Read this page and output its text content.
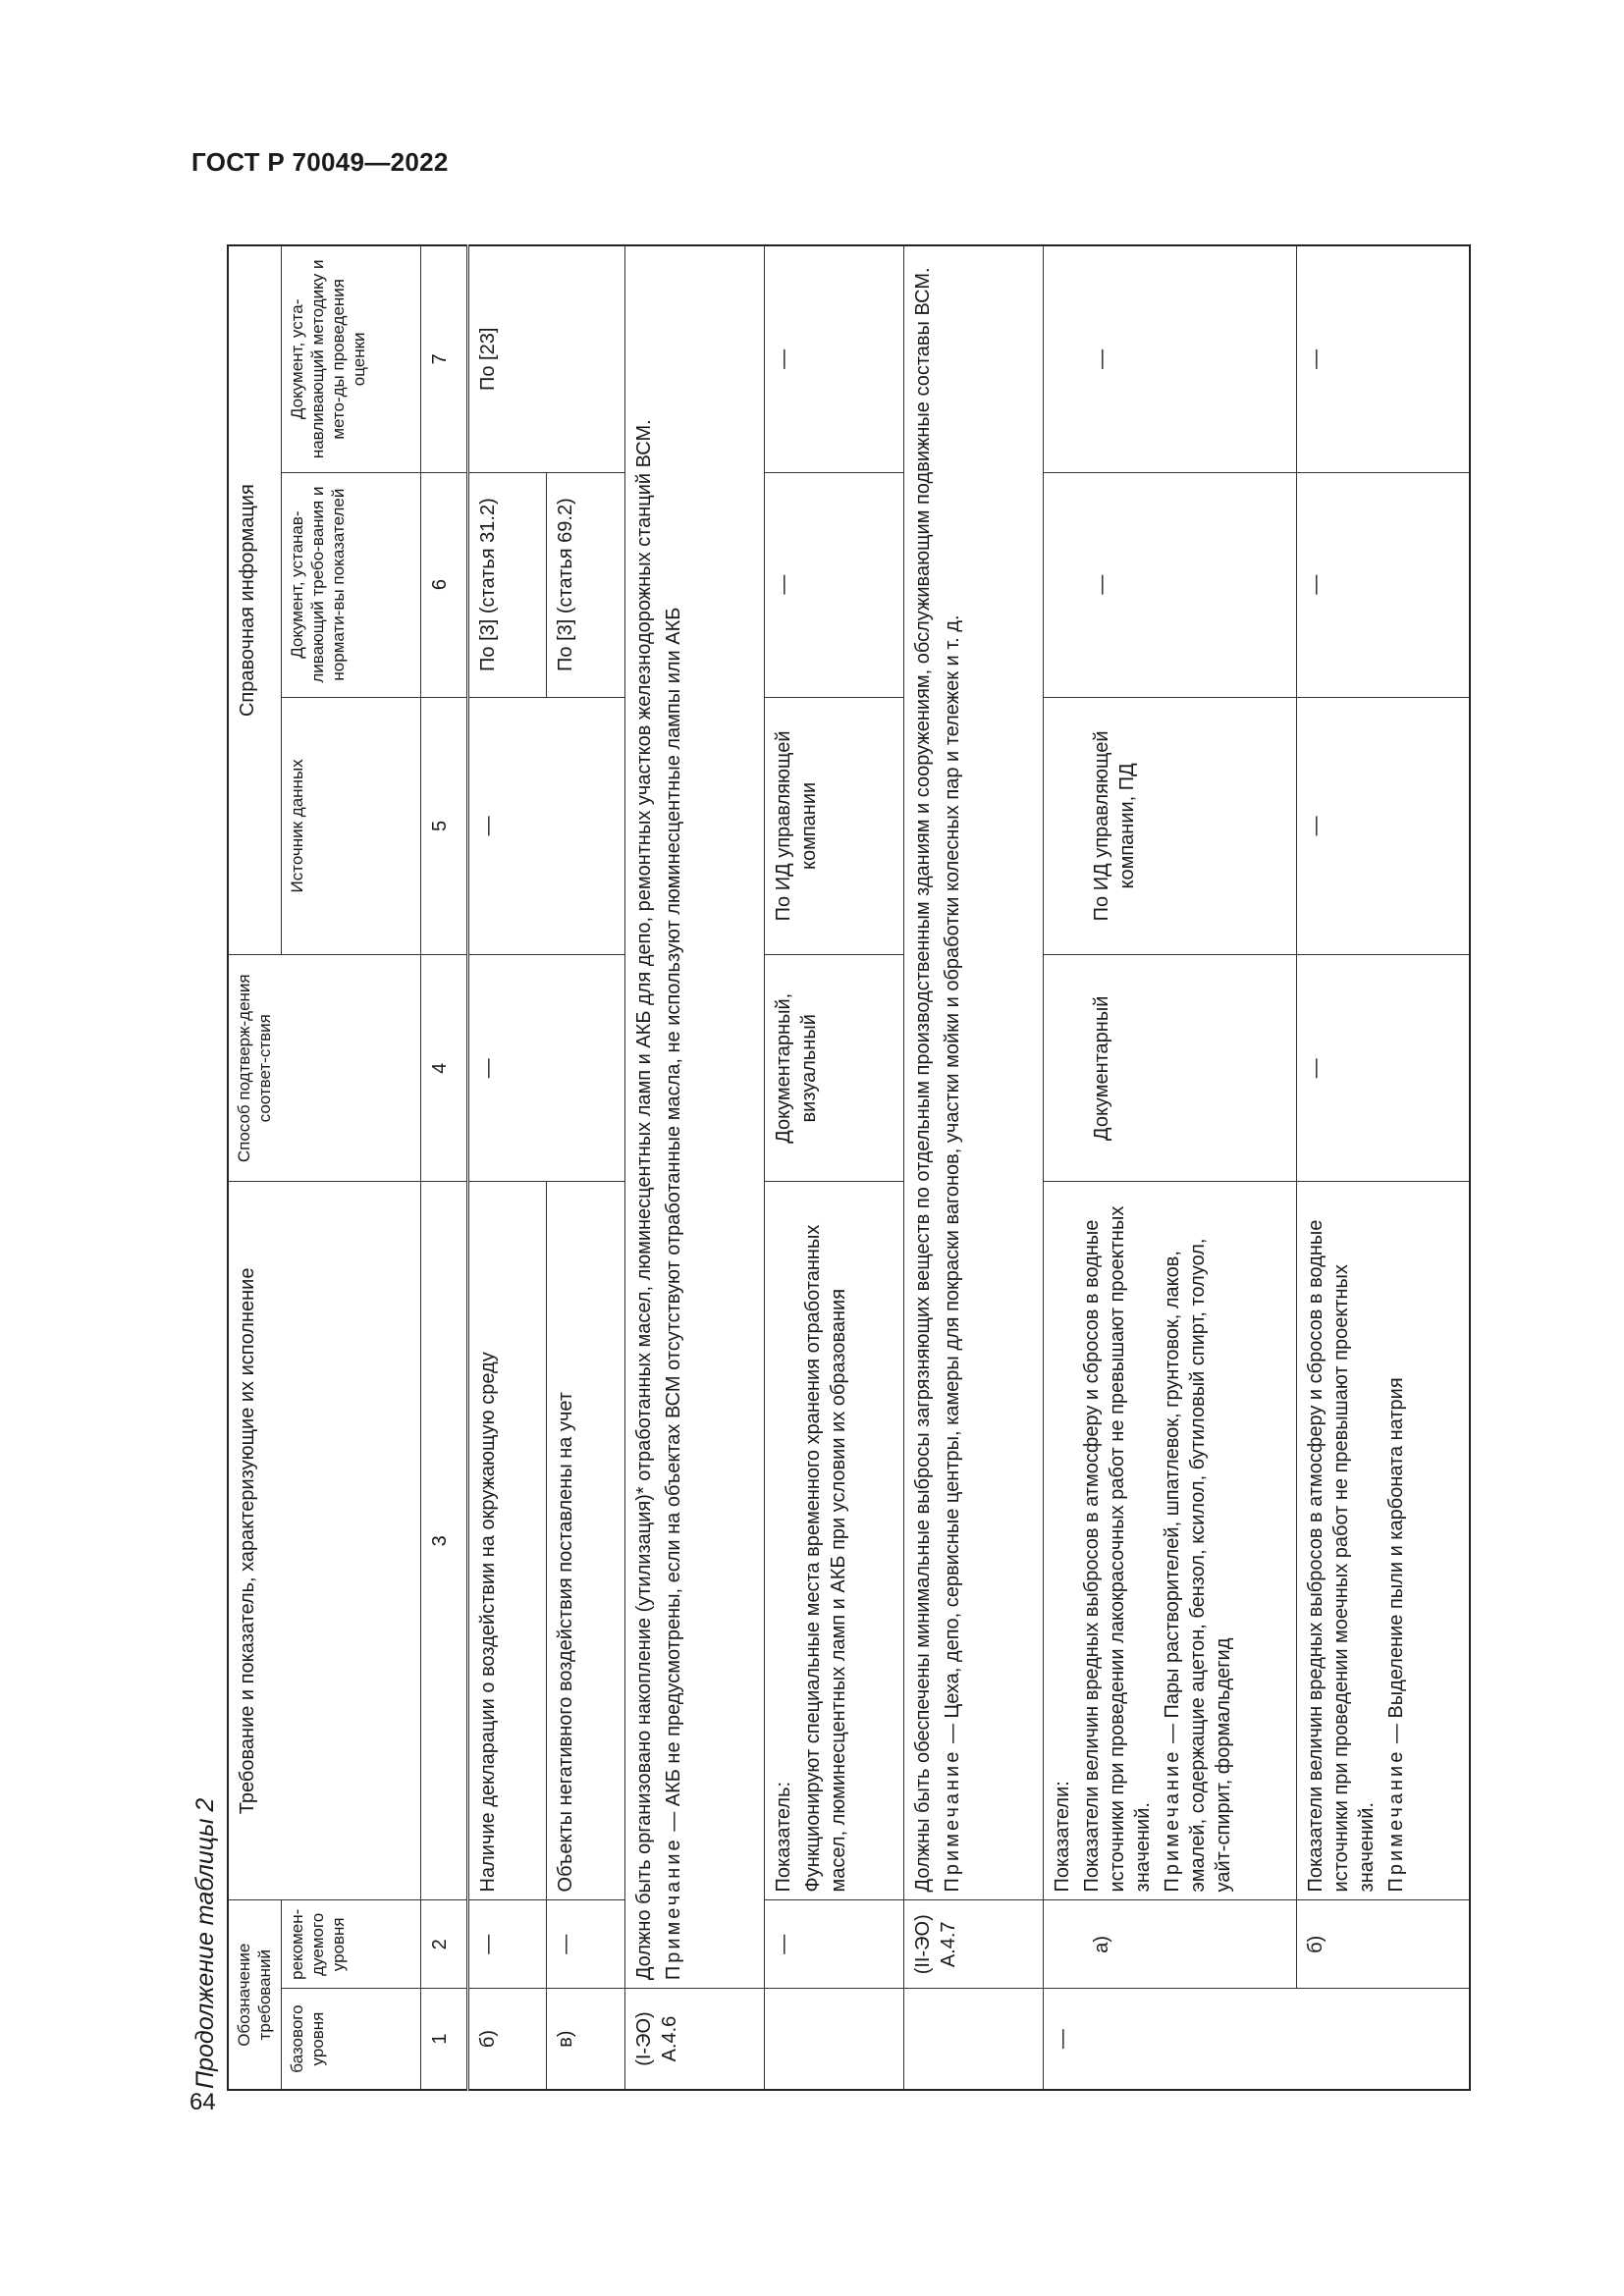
ГОСТ Р 70049—2022
64
Продолжение таблицы 2 Обозначение требований		Требование и показатель, характеризующие их исполнение	Способ подтверж-дения соответ-ствия	Справочная информация		
базового уровня	рекомен-дуемого уровня			Источник данных	Документ, устанав-ливающий требо-вания и нормати-вы показателей	Документ, уста-навливающий методику и мето-ды проведения оценки
1	2	3	4	5	6	7
б)	—	Наличие декларации о воздействии на окружающую среду	—	—	По [3] (статья 31.2)	По [23]
в)	—	Объекты негативного воздействия поставлены на учет			По [3] (статья 69.2)	
(I-ЭО) А.4.6	Должно быть организовано накопление (утилизация)* отработанных масел, люминесцентных ламп и АКБ для депо, ремонтных участков железнодорожных станций ВСМ. Примечание — АКБ не предусмотрены, если на объектах ВСМ отсутствуют отработанные масла, не используют люминесцентные лампы или АКБ					

	—	Показатель: Функционируют специальные места временного хранения отработанных масел, люминесцентных ламп и АКБ при условии их образования	Документарный, визуальный	По ИД управляющей компании	—	—
	(II-ЭО) А.4.7	Должны быть обеспечены минимальные выбросы загрязняющих веществ по отдельным производственным зданиям и сооружениям, обслуживающим подвижные составы ВСМ. Примечание — Цеха, депо, сервисные центры, камеры для покраски вагонов, участки мойки и обработки колесных пар и тележек и т. д.				

—	а)	Показатели: Показатели величин вредных выбросов в атмосферу и сбросов в водные источники при проведении лакокрасочных работ не превышают проектных значений. Примечание — Пары растворителей, шпатлевок, грунтовок, лаков, эмалей, содержащие ацетон, бензол, ксилол, бутиловый спирт, толуол, уайт-спирит, формальдегид	Документарный	По ИД управляющей компании, ПД	—	—
	б)	Показатели величин вредных выбросов в атмосферу и сбросов в водные источники при проведении моечных работ не превышают проектных значений. Примечание — Выделение пыли и карбоната натрия	—	—	—	—
